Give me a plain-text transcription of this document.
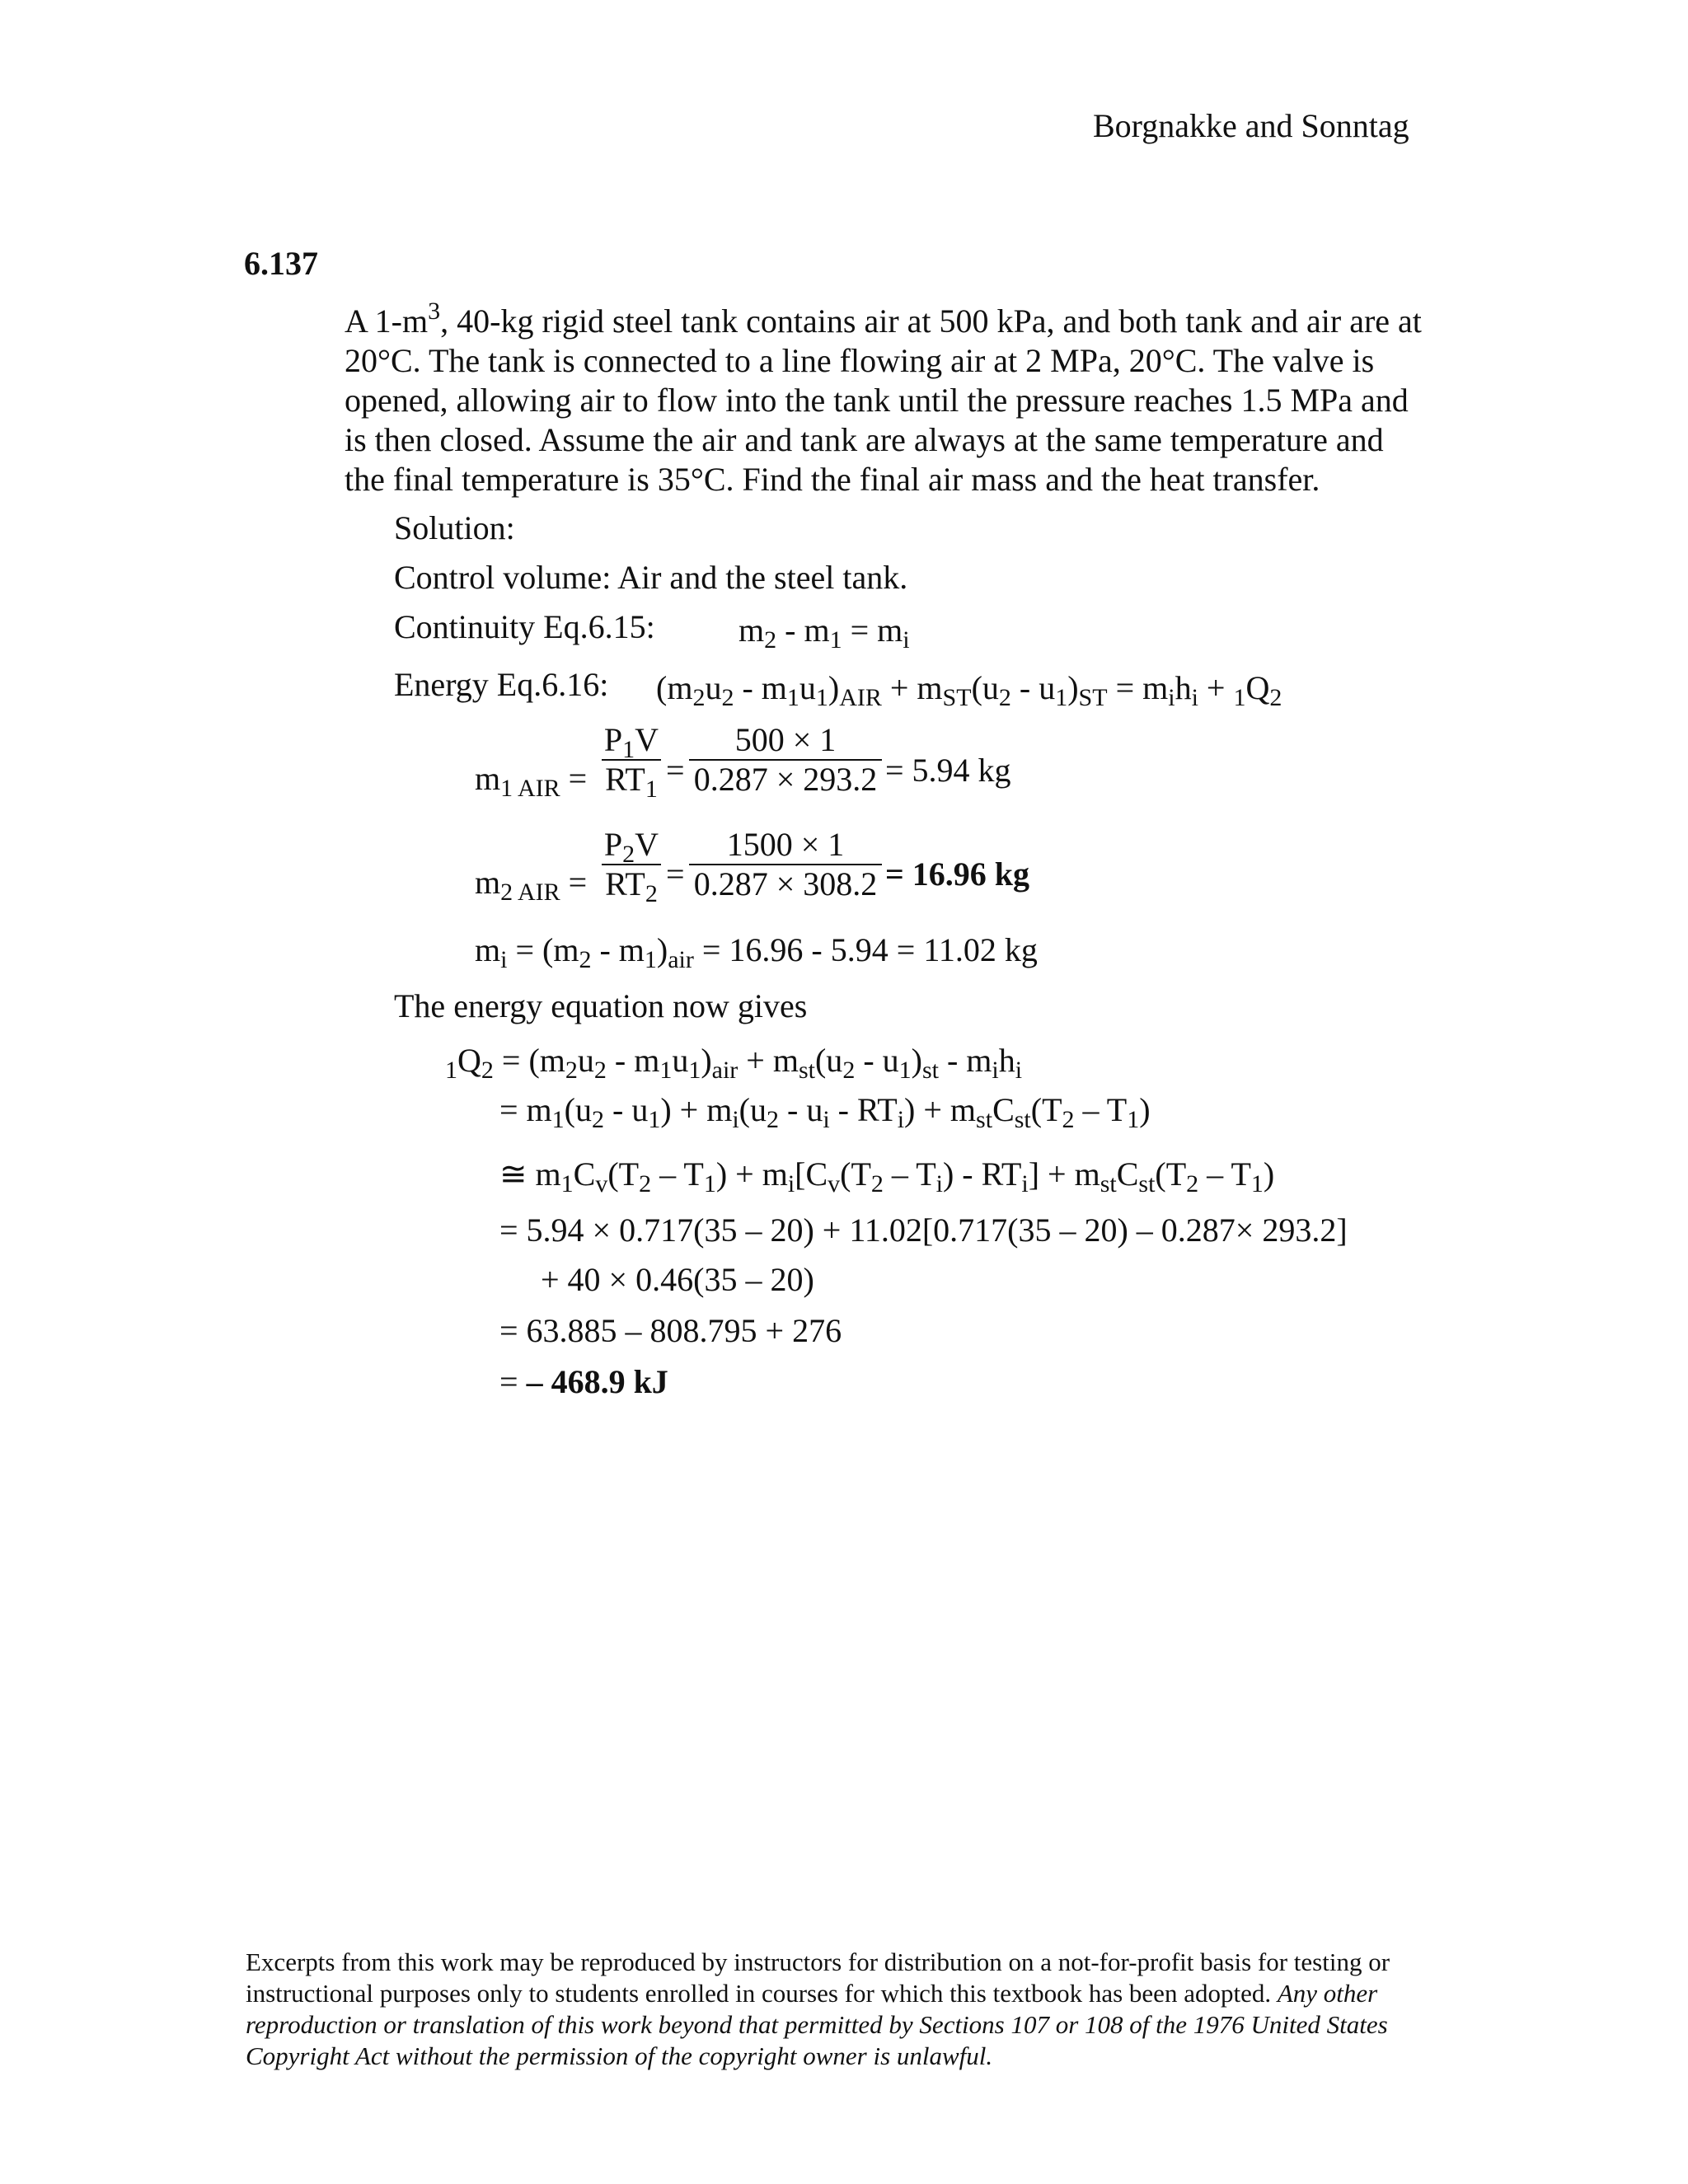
Borgnakke and Sonntag
6.137
A $1-m^3$, 40-kg rigid steel tank contains air at 500 kPa, and both tank and air are at
20°C. The tank is connected to a line flowing air at 2 MPa, 20°C. The valve is
opened, allowing air to flow into the tank until the pressure reaches 1.5 MPa and
is then closed. Assume the air and tank are always at the same temperature and
the final temperature is 35°C. Find the final air mass and the heat transfer.
Solution:
Control volume: Air and the steel tank.
Continuity Eq.6.15:	$m_2 - m_1 = m_i$
Energy Eq.6.16: $(m_2u_2 - m_1u_1)_{AIR} + m_{ST}(u_2 - u_1)_{ST} = m_ih_i + _1Q_2$
$m_{1 AIR} = \frac{P_1V}{RT_1} = \frac{500 \times 1}{0.287 \times 293.2} = 5.94$ kg
$m_{2 AIR} = \frac{P_2V}{RT_2} = \frac{1500 \times 1}{0.287 \times 308.2} = 16.96$ kg
$m_i = (m_2 - m_1)_{air} = 16.96 - 5.94 = 11.02$ kg
The energy equation now gives
$_1Q_2 = (m_2u_2 - m_1u_1)_{air} + m_{st}(u_2 - u_1)_{st} - m_ih_i$
= $m_1(u_2 - u_1) + m_i(u_2 - u_i - RT_i) + m_{st}C_{st}(T_2 - T_1)$
≅ $m_1C_v(T_2 - T_1) + m_i[C_v(T_2 - T_i) - RT_i] + m_{st}C_{st}(T_2 - T_1)$
= 5.94 × 0.717(35 – 20) + 11.02[0.717(35 – 20) – 0.287× 293.2]
+ 40 × 0.46(35 – 20)
= 63.885 – 808.795 + 276
= – 468.9 kJ
Excerpts from this work may be reproduced by instructors for distribution on a not-for-profit basis for testing or instructional purposes only to students enrolled in courses for which this textbook has been adopted. Any other reproduction or translation of this work beyond that permitted by Sections 107 or 108 of the 1976 United States Copyright Act without the permission of the copyright owner is unlawful.
